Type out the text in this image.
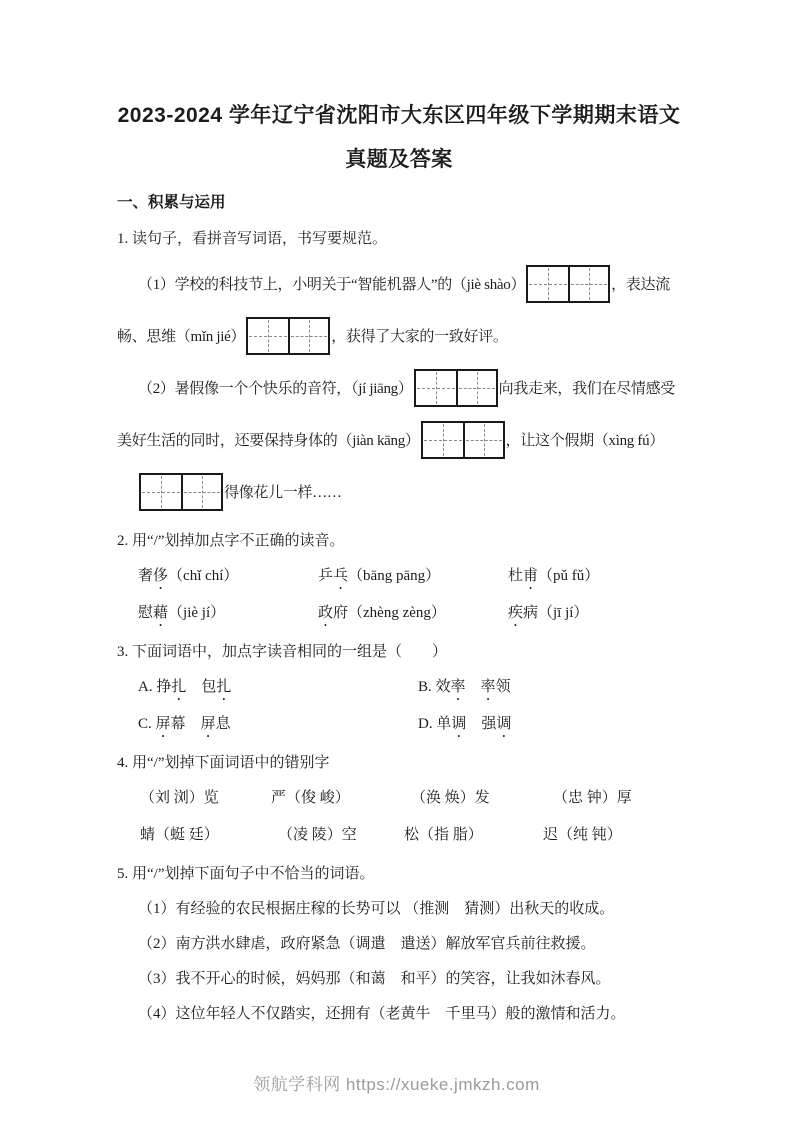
2023-2024 学年辽宁省沈阳市大东区四年级下学期期末语文
真题及答案
一、积累与运用
1. 读句子，看拼音写词语，书写要规范。
（1）学校的科技节上，小明关于“智能机器人”的（jiè shào）	，表达流
畅、思维（mǐn jié）	，获得了大家的一致好评。
（2）暑假像一个个快乐的音符，（jí jiāng）	向我走来，我们在尽情感受
美好生活的同时，还要保持身体的（jiàn kāng）	，让这个假期（xìng fú）
得像花儿一样……
2. 用“/”划掉加点字不正确的读音。
奢侈（chǐ chí）	乒乓（bāng pāng）	杜甫（pǔ fǔ）
慰藉（jiè jí）	政府（zhèng zèng）	疾病（jī jí）
3. 下面词语中，加点字读音相同的一组是（　　）
A. 挣扎　包扎	B. 效率　 率领
C. 屏幕　屏息	D. 单调　强调
4. 用“/”划掉下面词语中的错别字
（刘 浏）览	严（俊 峻）	（涣 焕）发	（忠 钟）厚
蜻（蜓 廷）	（凌 陵）空	松（指 脂）	迟（纯 钝）
5. 用“/”划掉下面句子中不恰当的词语。
（1）有经验的农民根据庄稼的长势可以 （推测　猜测）出秋天的收成。
（2）南方洪水肆虐，政府紧急（调遣　遣送）解放军官兵前往救援。
（3）我不开心的时候，妈妈那（和蔼　和平）的笑容，让我如沐春风。
（4）这位年轻人不仅踏实，还拥有（老黄牛　千里马）般的激情和活力。
领航学科网 https://xueke.jmkzh.com
